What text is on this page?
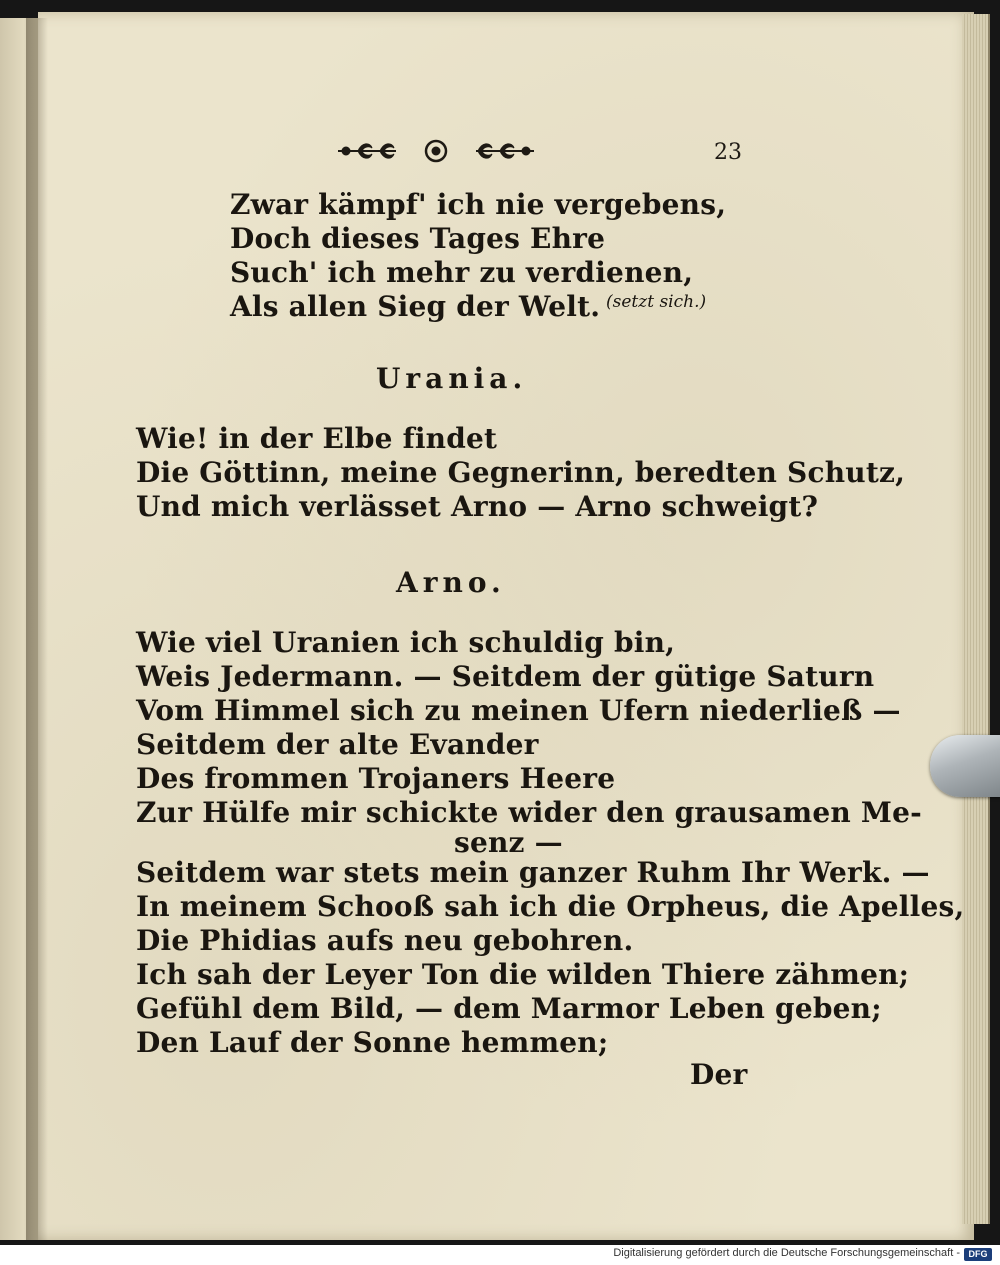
23
Zwar kämpf' ich nie vergebens,
Doch dieses Tages Ehre
Such' ich mehr zu verdienen,
Als allen Sieg der Welt. (setzt sich.)
Urania.
Wie! in der Elbe findet
Die Göttinn, meine Gegnerinn, beredten Schutz,
Und mich verlässet Arno — Arno schweigt?
Arno.
Wie viel Uranien ich schuldig bin,
Weis Jedermann. — Seitdem der gütige Saturn
Vom Himmel sich zu meinen Ufern niederließ —
Seitdem der alte Evander
Des frommen Trojaners Heere
Zur Hülfe mir schickte wider den grausamen Me-
senz —
Seitdem war stets mein ganzer Ruhm Ihr Werk. —
In meinem Schooß sah ich die Orpheus, die Apelles,
Die Phidias aufs neu gebohren.
Ich sah der Leyer Ton die wilden Thiere zähmen;
Gefühl dem Bild, — dem Marmor Leben geben;
Den Lauf der Sonne hemmen;
Der
Digitalisierung gefördert durch die Deutsche Forschungsgemeinschaft - DFG
